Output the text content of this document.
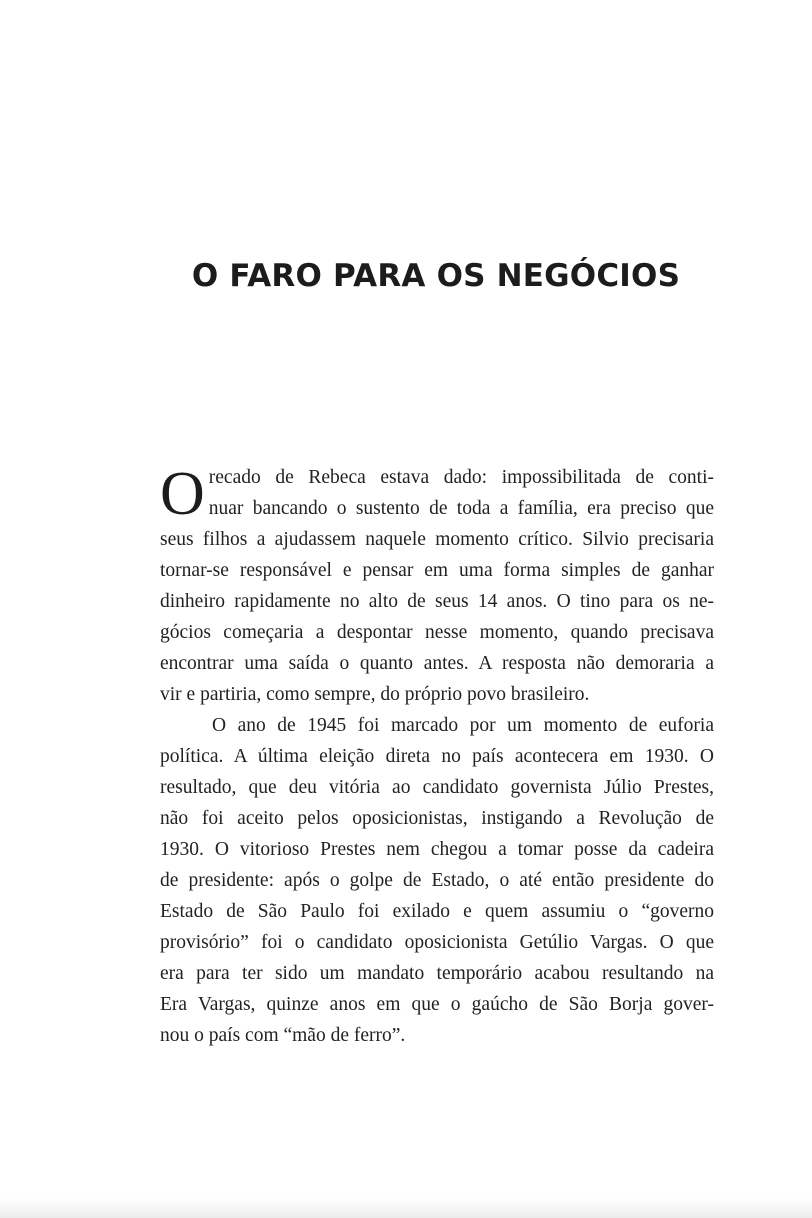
O FARO PARA OS NEGÓCIOS

O recado de Rebeca estava dado: impossibilitada de conti-
nuar bancando o sustento de toda a família, era preciso que
seus filhos a ajudassem naquele momento crítico. Silvio precisaria
tornar-se responsável e pensar em uma forma simples de ganhar
dinheiro rapidamente no alto de seus 14 anos. O tino para os ne-
gócios começaria a despontar nesse momento, quando precisava
encontrar uma saída o quanto antes. A resposta não demoraria a
vir e partiria, como sempre, do próprio povo brasileiro.

O ano de 1945 foi marcado por um momento de euforia
política. A última eleição direta no país acontecera em 1930. O
resultado, que deu vitória ao candidato governista Júlio Prestes,
não foi aceito pelos oposicionistas, instigando a Revolução de
1930. O vitorioso Prestes nem chegou a tomar posse da cadeira
de presidente: após o golpe de Estado, o até então presidente do
Estado de São Paulo foi exilado e quem assumiu o “governo
provisório” foi o candidato oposicionista Getúlio Vargas. O que
era para ter sido um mandato temporário acabou resultando na
Era Vargas, quinze anos em que o gaúcho de São Borja gover-
nou o país com “mão de ferro”.
